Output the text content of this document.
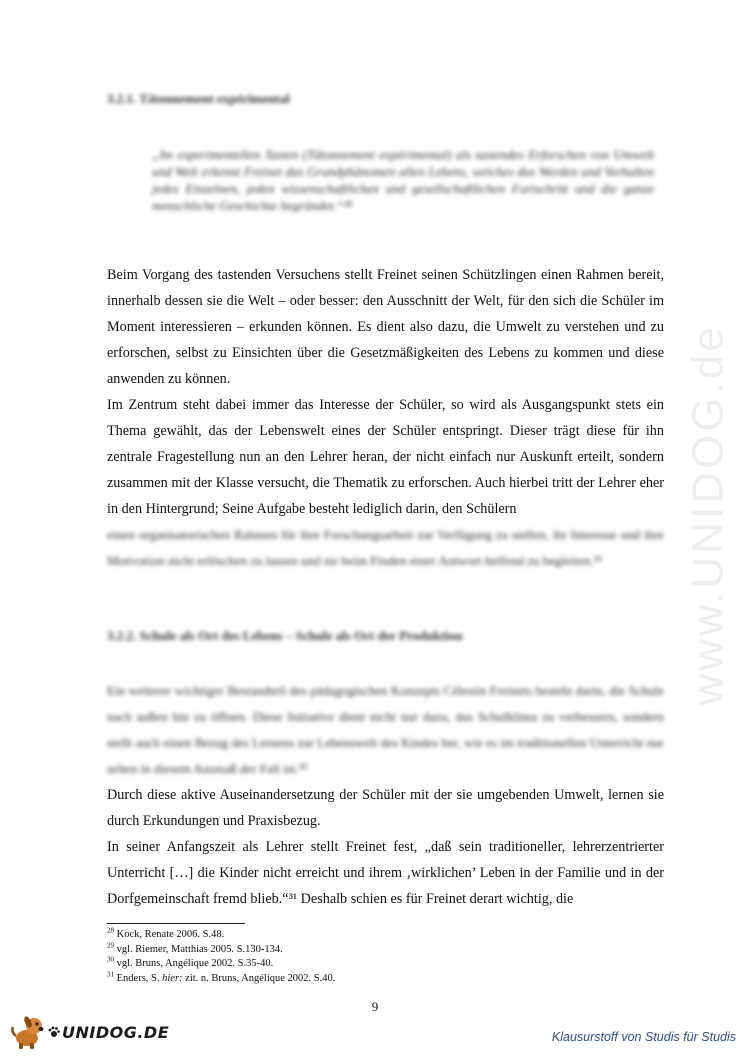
3.2.1. Tâtonnement expérimental
„Im experimentellen Tasten (Tâtonnement expérimental) als tastendes Erforschen von Umwelt und Welt erkennt Freinet das Grundphänomen allen Lebens, welches das Werden und Verhalten jedes Einzelnen, jeden wissenschaftlichen und gesellschaftlichen Fortschritt und die ganze menschliche Geschichte begründet.“²⁸

Beim Vorgang des tastenden Versuchens stellt Freinet seinen Schützlingen einen Rahmen bereit, innerhalb dessen sie die Welt – oder besser: den Ausschnitt der Welt, für den sich die Schüler im Moment interessieren – erkunden können. Es dient also dazu, die Umwelt zu verstehen und zu erforschen, selbst zu Einsichten über die Gesetzmäßigkeiten des Lebens zu kommen und diese anwenden zu können.

Im Zentrum steht dabei immer das Interesse der Schüler, so wird als Ausgangspunkt stets ein Thema gewählt, das der Lebenswelt eines der Schüler entspringt. Dieser trägt diese für ihn zentrale Fragestellung nun an den Lehrer heran, der nicht einfach nur Auskunft erteilt, sondern zusammen mit der Klasse versucht, die Thematik zu erforschen. Auch hierbei tritt der Lehrer eher in den Hintergrund; Seine Aufgabe besteht lediglich darin, den Schülern

einen organisatorischen Rahmen für ihre Forschungsarbeit zur Verfügung zu stellen, ihr Interesse und ihre Motivation nicht erlöschen zu lassen und sie beim Finden einer Antwort helfend zu begleiten.²⁹

3.2.2. Schule als Ort des Lebens – Schule als Ort der Produktion

Ein weiterer wichtiger Bestandteil des pädagogischen Konzepts Célestin Freinets besteht darin, die Schule nach außen hin zu öffnen. Diese Initiative dient nicht nur dazu, das Schulklima zu verbessern, sondern stellt auch einen Bezug des Lernens zur Lebenswelt des Kindes her, wie es im traditionellen Unterricht nur selten in diesem Ausmaß der Fall ist.³⁰

Durch diese aktive Auseinandersetzung der Schüler mit der sie umgebenden Umwelt, lernen sie durch Erkundungen und Praxisbezug.

In seiner Anfangszeit als Lehrer stellt Freinet fest, „daß sein traditioneller, lehrerzentrierter Unterricht […] die Kinder nicht erreicht und ihrem ‚wirklichen’ Leben in der Familie und in der Dorfgemeinschaft fremd blieb.“³¹ Deshalb schien es für Freinet derart wichtig, die

$^{28}$ Kock, Renate 2006. S.48.
$^{29}$ vgl. Riemer, Matthias 2005. S.130-134.
$^{30}$ vgl. Bruns, Angélique 2002. S.35-40.
$^{31}$ Enders, S. hier: zit. n. Bruns, Angélique 2002. S.40.
9
www.UNIDOG.de
UNIDOG.DE	Klausurstoff von Studis für Studis
